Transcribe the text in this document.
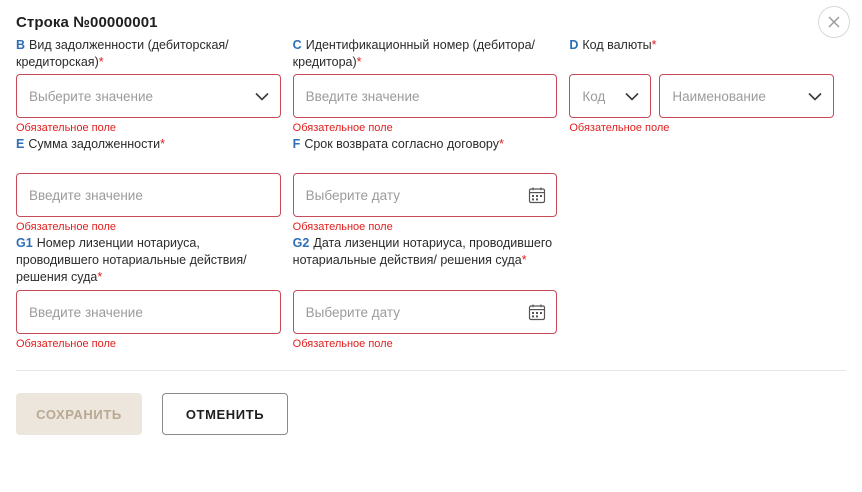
Строка №00000001
B Вид задолженности (дебиторская/кредиторская)*
Выберите значение
Обязательное поле
C Идентификационный номер (дебитора/кредитора)*
Введите значение
Обязательное поле
D Код валюты*
Код	Наименование
Обязательное поле
E Сумма задолженности*
Введите значение
Обязательное поле
F Срок возврата согласно договору*
Выберите дату
Обязательное поле
G1 Номер лизенции нотариуса, проводившего нотариальные действия/ решения суда*
Введите значение
Обязательное поле
G2 Дата лизенции нотариуса, проводившего нотариальные действия/ решения суда*
Выберите дату
Обязательное поле
СОХРАНИТЬ	ОТМЕНИТЬ
